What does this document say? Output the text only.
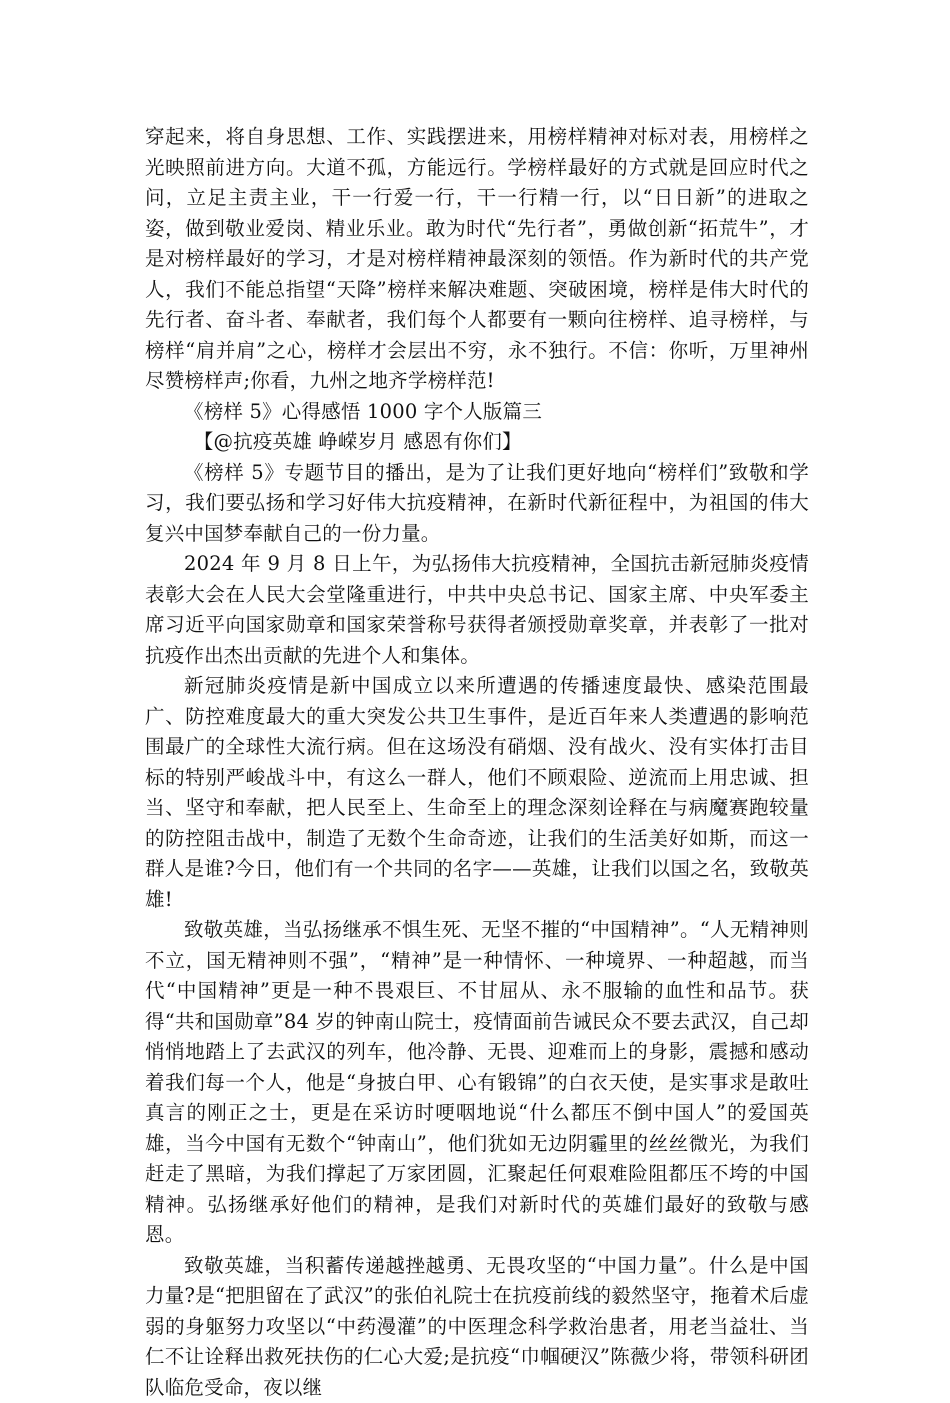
穿起来，将自身思想、工作、实践摆进来，用榜样精神对标对表，用榜样之光映照前进方向。大道不孤，方能远行。学榜样最好的方式就是回应时代之问，立足主责主业，干一行爱一行，干一行精一行，以“日日新”的进取之姿，做到敬业爱岗、精业乐业。敢为时代“先行者”，勇做创新“拓荒牛”，才是对榜样最好的学习，才是对榜样精神最深刻的领悟。作为新时代的共产党人，我们不能总指望“天降”榜样来解决难题、突破困境，榜样是伟大时代的先行者、奋斗者、奉献者，我们每个人都要有一颗向往榜样、追寻榜样，与榜样“肩并肩”之心，榜样才会层出不穷，永不独行。不信：你听，万里神州尽赞榜样声;你看，九州之地齐学榜样范!

《榜样 5》心得感悟 1000 字个人版篇三

【@抗疫英雄 峥嵘岁月 感恩有你们】

《榜样 5》专题节目的播出，是为了让我们更好地向“榜样们”致敬和学习，我们要弘扬和学习好伟大抗疫精神，在新时代新征程中，为祖国的伟大复兴中国梦奉献自己的一份力量。

2024 年 9 月 8 日上午，为弘扬伟大抗疫精神，全国抗击新冠肺炎疫情表彰大会在人民大会堂隆重进行，中共中央总书记、国家主席、中央军委主席习近平向国家勋章和国家荣誉称号获得者颁授勋章奖章，并表彰了一批对抗疫作出杰出贡献的先进个人和集体。

新冠肺炎疫情是新中国成立以来所遭遇的传播速度最快、感染范围最广、防控难度最大的重大突发公共卫生事件，是近百年来人类遭遇的影响范围最广的全球性大流行病。但在这场没有硝烟、没有战火、没有实体打击目标的特别严峻战斗中，有这么一群人，他们不顾艰险、逆流而上用忠诚、担当、坚守和奉献，把人民至上、生命至上的理念深刻诠释在与病魔赛跑较量的防控阻击战中，制造了无数个生命奇迹，让我们的生活美好如斯，而这一群人是谁?今日，他们有一个共同的名字——英雄，让我们以国之名，致敬英雄!

致敬英雄，当弘扬继承不惧生死、无坚不摧的“中国精神”。“人无精神则不立，国无精神则不强”，“精神”是一种情怀、一种境界、一种超越，而当代“中国精神”更是一种不畏艰巨、不甘屈从、永不服输的血性和品节。获得“共和国勋章”84 岁的钟南山院士，疫情面前告诫民众不要去武汉，自己却悄悄地踏上了去武汉的列车，他冷静、无畏、迎难而上的身影，震撼和感动着我们每一个人，他是“身披白甲、心有锻锦”的白衣天使，是实事求是敢吐真言的刚正之士，更是在采访时哽咽地说“什么都压不倒中国人”的爱国英雄，当今中国有无数个“钟南山”，他们犹如无边阴霾里的丝丝微光，为我们赶走了黑暗，为我们撑起了万家团圆，汇聚起任何艰难险阻都压不垮的中国精神。弘扬继承好他们的精神，是我们对新时代的英雄们最好的致敬与感恩。

致敬英雄，当积蓄传递越挫越勇、无畏攻坚的“中国力量”。什么是中国力量?是“把胆留在了武汉”的张伯礼院士在抗疫前线的毅然坚守，拖着术后虚弱的身躯努力攻坚以“中药漫灌”的中医理念科学救治患者，用老当益壮、当仁不让诠释出救死扶伤的仁心大爱;是抗疫“巾帼硬汉”陈薇少将，带领科研团队临危受命，夜以继
